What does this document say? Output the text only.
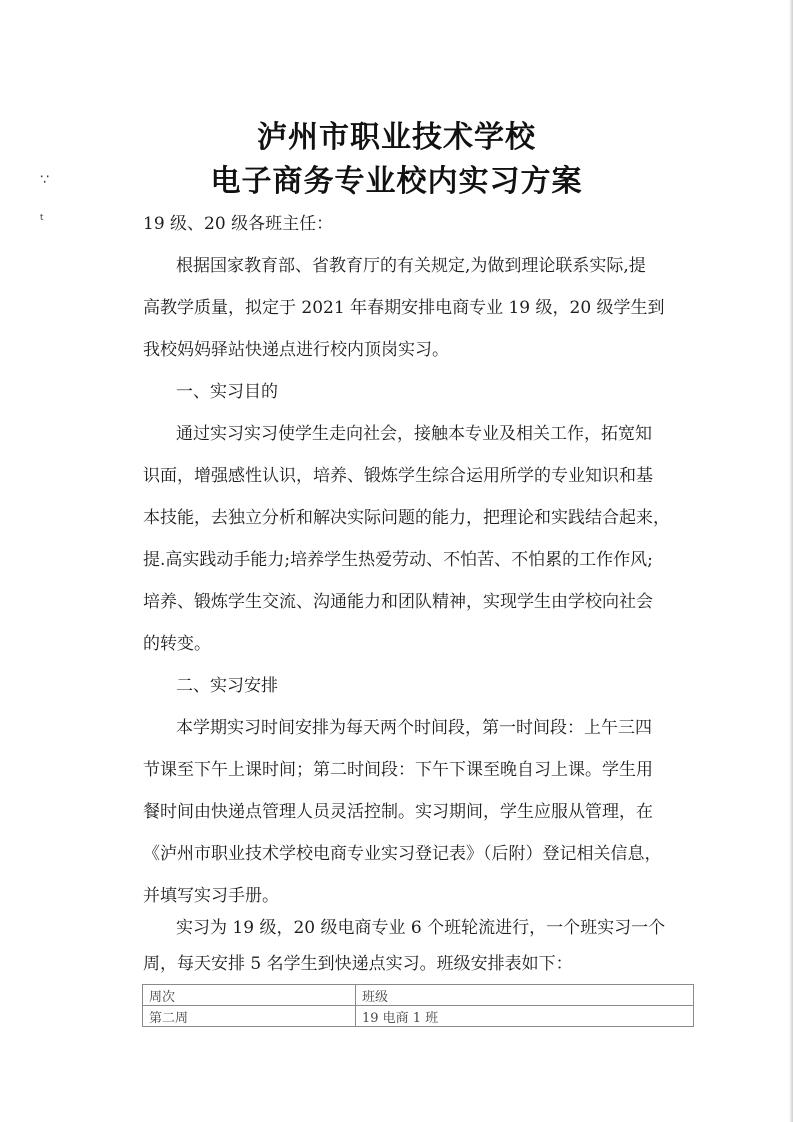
泸州市职业技术学校
电子商务专业校内实习方案
∵
ₜ	19 级、20 级各班主任：
根据国家教育部、省教育厅的有关规定,为做到理论联系实际,提
高教学质量，拟定于 2021 年春期安排电商专业 19 级，20 级学生到
我校妈妈驿站快递点进行校内顶岗实习。
一、实习目的
通过实习实习使学生走向社会，接触本专业及相关工作，拓宽知
识面，增强感性认识，培养、锻炼学生综合运用所学的专业知识和基
本技能，去独立分析和解决实际问题的能力，把理论和实践结合起来，
提.高实践动手能力;培养学生热爱劳动、不怕苦、不怕累的工作作风;
培养、锻炼学生交流、沟通能力和团队精神，实现学生由学校向社会
的转变。
二、实习安排
本学期实习时间安排为每天两个时间段，第一时间段：上午三四
节课至下午上课时间；第二时间段：下午下课至晚自习上课。学生用
餐时间由快递点管理人员灵活控制。实习期间，学生应服从管理，在
《泸州市职业技术学校电商专业实习登记表》（后附）登记相关信息，
并填写实习手册。
实习为 19 级，20 级电商专业 6 个班轮流进行，一个班实习一个
周，每天安排 5 名学生到快递点实习。班级安排表如下：
周次	班级
第二周	19 电商 1 班
